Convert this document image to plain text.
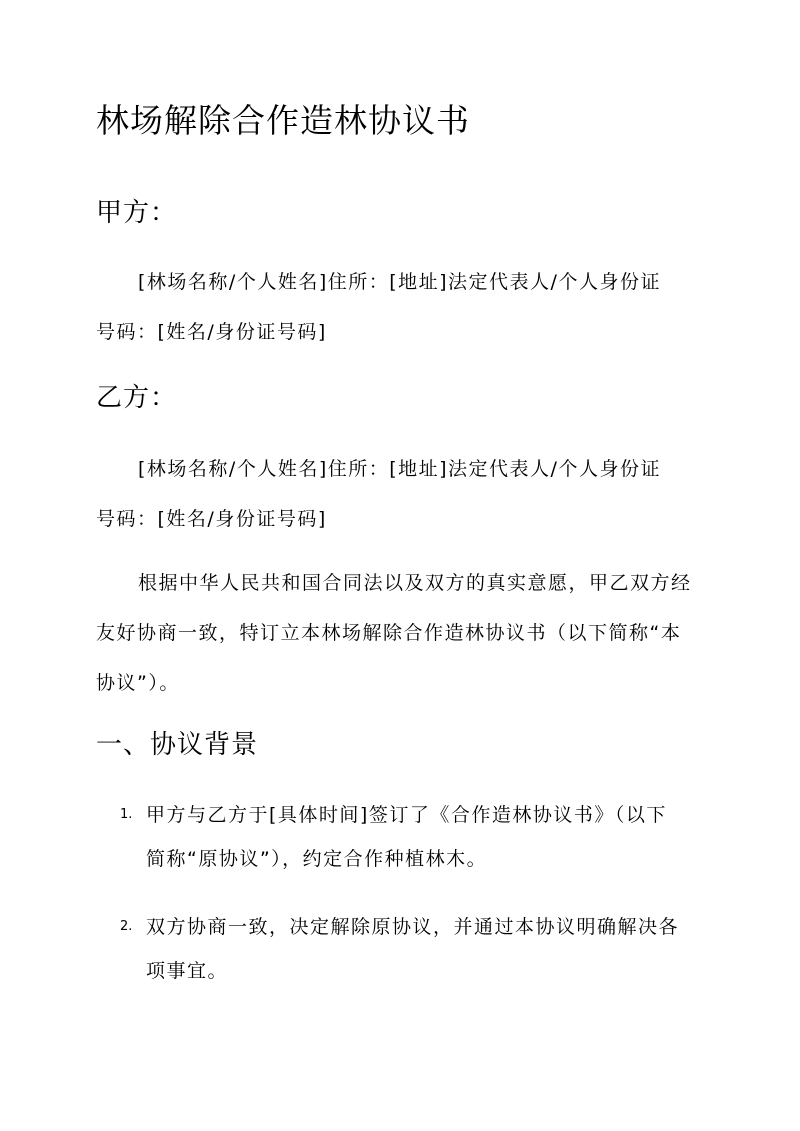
林场解除合作造林协议书
甲方：
[林场名称/个人姓名]住所：[地址]法定代表人/个人身份证
号码：[姓名/身份证号码]
乙方：
[林场名称/个人姓名]住所：[地址]法定代表人/个人身份证
号码：[姓名/身份证号码]
根据中华人民共和国合同法以及双方的真实意愿，甲乙双方经
友好协商一致，特订立本林场解除合作造林协议书（以下简称“本
协议”）。
一、协议背景
1. 甲方与乙方于[具体时间]签订了《合作造林协议书》（以下
简称“原协议”），约定合作种植林木。
2. 双方协商一致，决定解除原协议，并通过本协议明确解决各
项事宜。
